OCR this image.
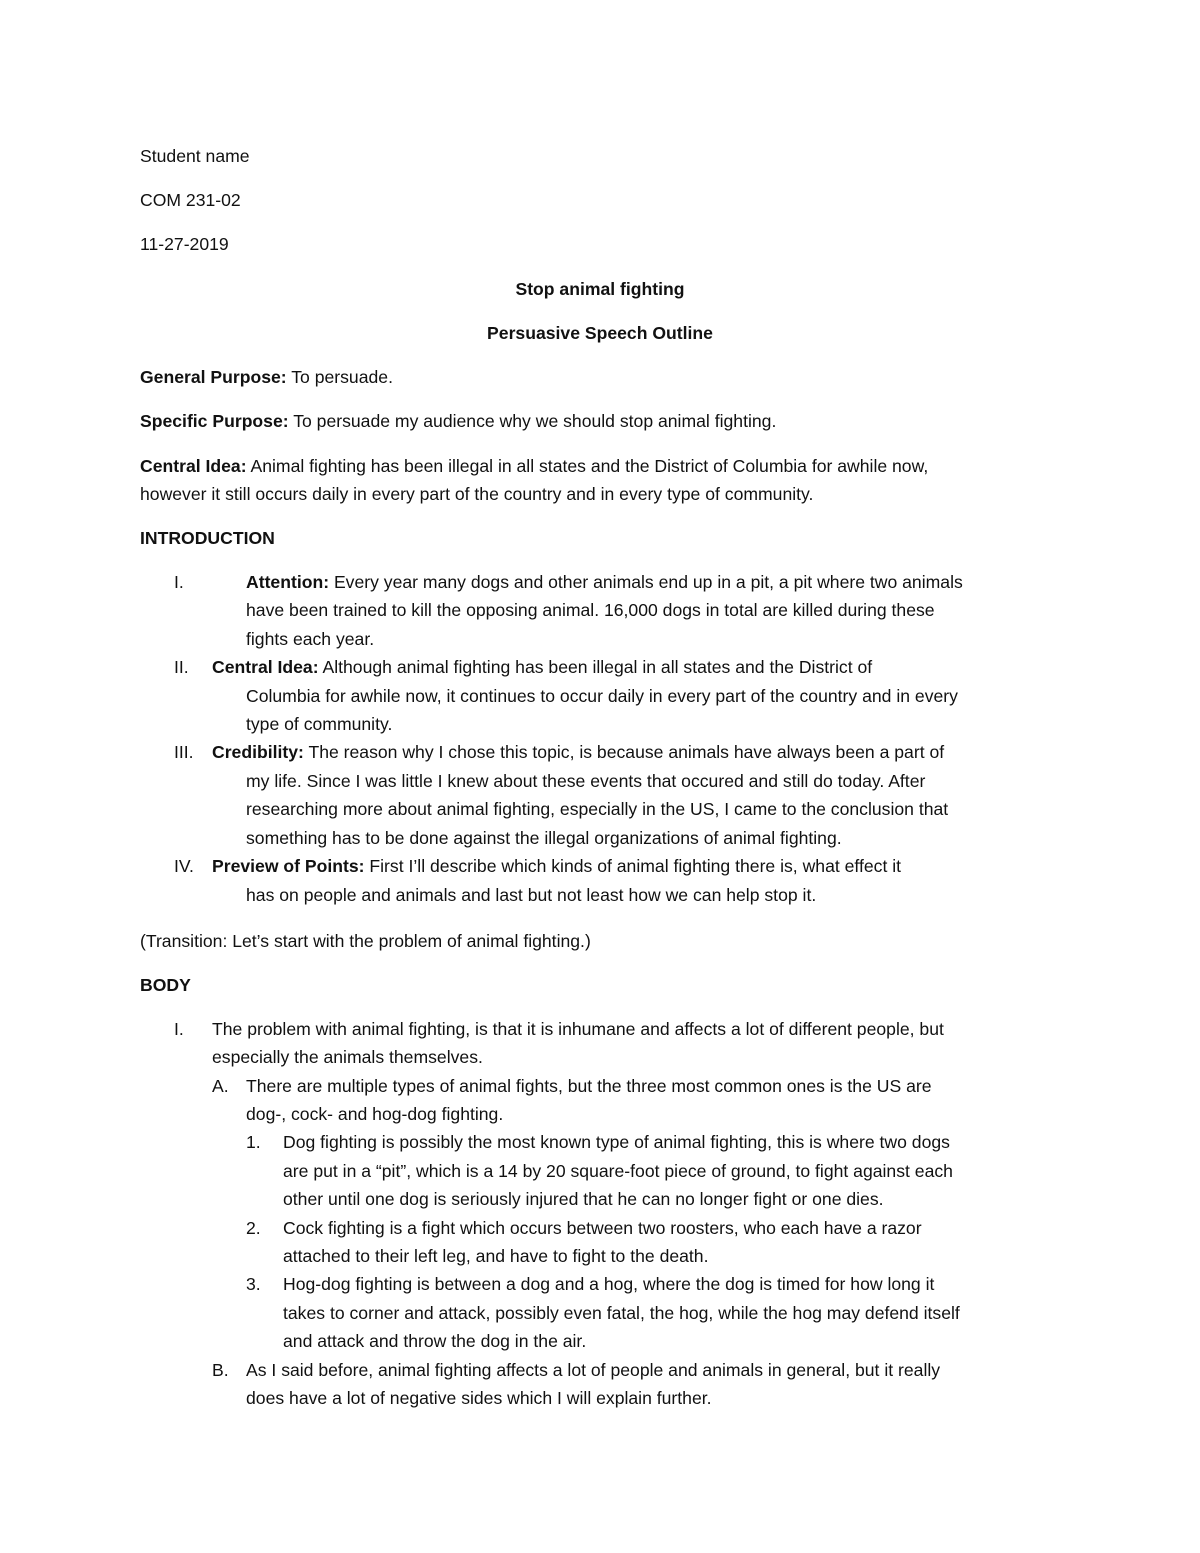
Student name
COM 231-02
11-27-2019
Stop animal fighting
Persuasive Speech Outline
General Purpose: To persuade.
Specific Purpose: To persuade my audience why we should stop animal fighting.
Central Idea: Animal fighting has been illegal in all states and the District of Columbia for awhile now,
however it still occurs daily in every part of the country and in every type of community.
INTRODUCTION
I.	Attention: Every year many dogs and other animals end up in a pit, a pit where two animals
have been trained to kill the opposing animal. 16,000 dogs in total are killed during these
fights each year.
II. Central Idea: Although animal fighting has been illegal in all states and the District of
Columbia for awhile now, it continues to occur daily in every part of the country and in every
type of community.
III. Credibility: The reason why I chose this topic, is because animals have always been a part of
my life. Since I was little I knew about these events that occured and still do today. After
researching more about animal fighting, especially in the US, I came to the conclusion that
something has to be done against the illegal organizations of animal fighting.
IV. Preview of Points: First I’ll describe which kinds of animal fighting there is, what effect it
has on people and animals and last but not least how we can help stop it.
(Transition: Let’s start with the problem of animal fighting.)
BODY
I. The problem with animal fighting, is that it is inhumane and affects a lot of different people, but
especially the animals themselves.
A. There are multiple types of animal fights, but the three most common ones is the US are
dog-, cock- and hog-dog fighting.
1. Dog fighting is possibly the most known type of animal fighting, this is where two dogs
are put in a “pit”, which is a 14 by 20 square-foot piece of ground, to fight against each
other until one dog is seriously injured that he can no longer fight or one dies.
2. Cock fighting is a fight which occurs between two roosters, who each have a razor
attached to their left leg, and have to fight to the death.
3. Hog-dog fighting is between a dog and a hog, where the dog is timed for how long it
takes to corner and attack, possibly even fatal, the hog, while the hog may defend itself
and attack and throw the dog in the air.
B. As I said before, animal fighting affects a lot of people and animals in general, but it really
does have a lot of negative sides which I will explain further.
